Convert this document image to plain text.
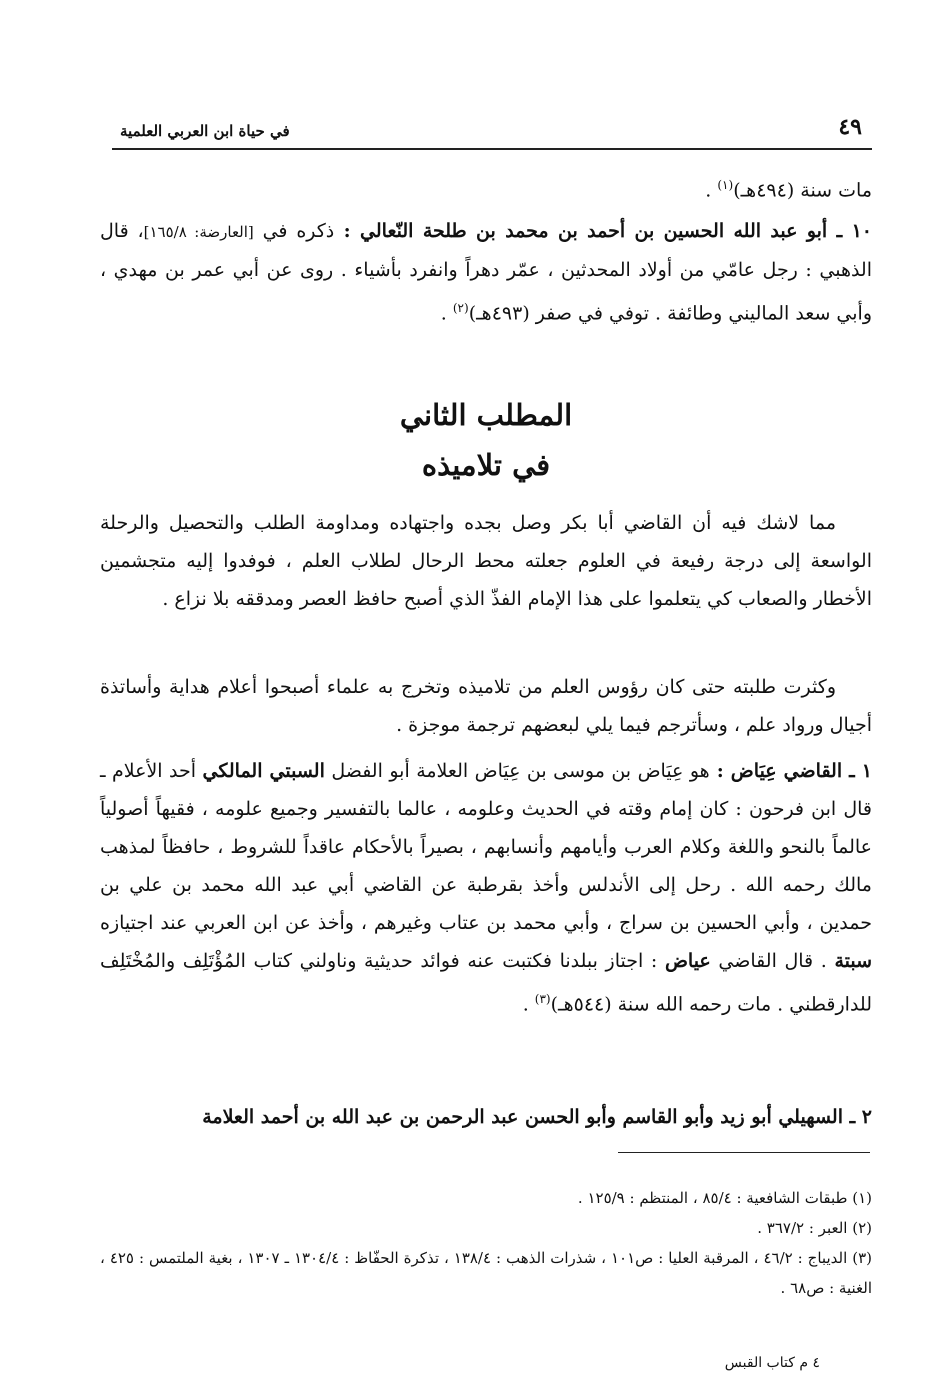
٤٩
في حياة ابن العربي العلمية
مات سنة (٤٩٤هـ)$^{(١)}$ .
١٠ ـ أبو عبد الله الحسين بن أحمد بن محمد بن طلحة النّعالي : ذكره في [العارضة: ١٦٥/٨]، قال الذهبي : رجل عامّي من أولاد المحدثين ، عمّر دهراً وانفرد بأشياء . روى عن أبي عمر بن مهدي ، وأبي سعد الماليني وطائفة . توفي في صفر (٤٩٣هـ)$^{(٢)}$ .
المطلب الثاني
في تلاميذه
مما لاشك فيه أن القاضي أبا بكر وصل بجده واجتهاده ومداومة الطلب والتحصيل والرحلة الواسعة إلى درجة رفيعة في العلوم جعلته محط الرحال لطلاب العلم ، فوفدوا إليه متجشمين الأخطار والصعاب كي يتعلموا على هذا الإمام الفذّ الذي أصبح حافظ العصر ومدققه بلا نزاع .
وكثرت طلبته حتى كان رؤوس العلم من تلاميذه وتخرج به علماء أصبحوا أعلام هداية وأساتذة أجيال ورواد علم ، وسأترجم فيما يلي لبعضهم ترجمة موجزة .
١ ـ القاضي عِيَاض : هو عِيَاض بن موسى بن عِيَاض العلامة أبو الفضل السبتي المالكي أحد الأعلام ـ قال ابن فرحون : كان إمام وقته في الحديث وعلومه ، عالما بالتفسير وجميع علومه ، فقيهاً أصولياً عالماً بالنحو واللغة وكلام العرب وأيامهم وأنسابهم ، بصيراً بالأحكام عاقداً للشروط ، حافظاً لمذهب مالك رحمه الله . رحل إلى الأندلس وأخذ بقرطبة عن القاضي أبي عبد الله محمد بن علي بن حمدين ، وأبي الحسين بن سراج ، وأبي محمد بن عتاب وغيرهم ، وأخذ عن ابن العربي عند اجتيازه سبتة . قال القاضي عياض : اجتاز ببلدنا فكتبت عنه فوائد حديثية وناولني كتاب المُؤْتَلِف والمُخْتَلِف للدارقطني . مات رحمه الله سنة (٥٤٤هـ)$^{(٣)}$ .
٢ ـ السهيلي أبو زيد وأبو القاسم وأبو الحسن عبد الرحمن بن عبد الله بن أحمد العلامة
(١) طبقات الشافعية : ٨٥/٤ ، المنتظم : ١٢٥/٩ .
(٢) العبر : ٣٦٧/٢ .
(٣) الديباج : ٤٦/٢ ، المرقبة العليا : ص١٠١ ، شذرات الذهب : ١٣٨/٤ ، تذكرة الحفّاظ : ١٣٠٤/٤ ـ ١٣٠٧ ، بغية الملتمس : ٤٢٥ ، الغنية : ص٦٨ .
٤ م كتاب القبس
